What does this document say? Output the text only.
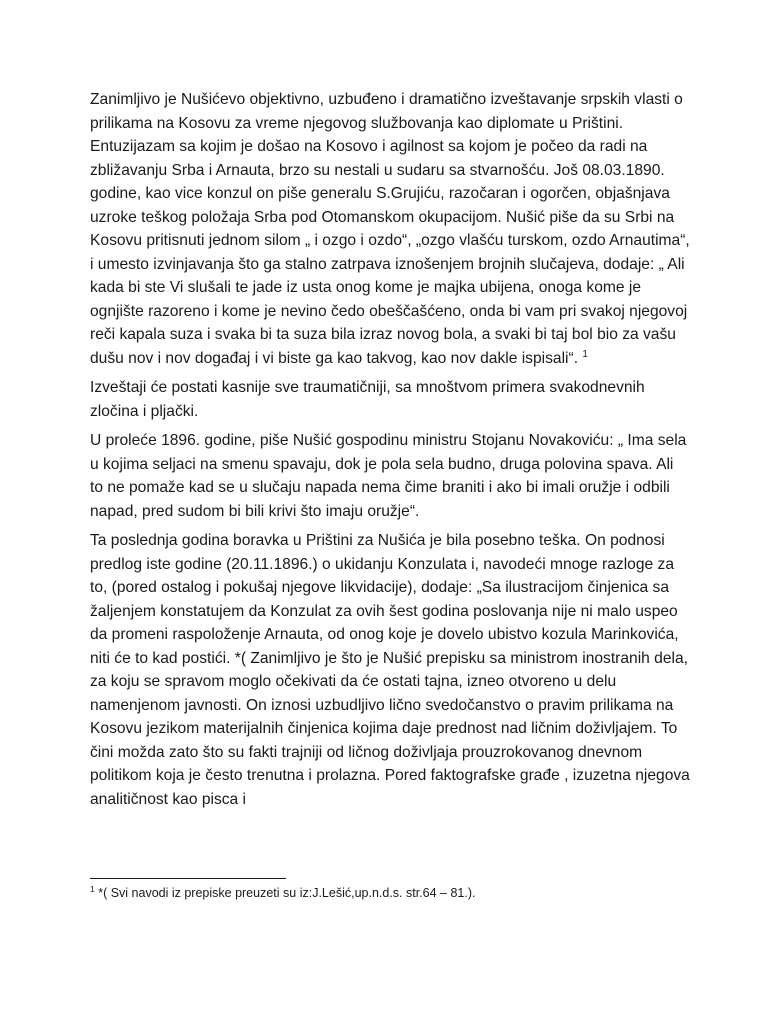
Zanimljivo je Nušićevo objektivno, uzbuđeno i dramatično izveštavanje srpskih vlasti o prilikama na Kosovu za vreme njegovog službovanja kao diplomate u Prištini. Entuzijazam sa kojim je došao na Kosovo i agilnost sa kojom je počeo da radi na zbližavanju Srba i Arnauta, brzo su nestali u sudaru sa stvarnošću. Još 08.03.1890. godine, kao vice konzul on piše generalu S.Grujiću, razočaran i ogorčen, objašnjava uzroke teškog položaja Srba pod Otomanskom okupacijom. Nušić piše da su Srbi na Kosovu pritisnuti jednom silom „ i ozgo i ozdo“, „ozgo vlašću turskom, ozdo Arnautima“, i umesto izvinjavanja što ga stalno zatrpava iznošenjem brojnih slučajeva, dodaje: „ Ali kada bi ste Vi slušali te jade iz usta onog kome je majka ubijena, onoga kome je ognjište razoreno i kome je nevino čedo obeščašćeno, onda bi vam pri svakoj njegovoj reči kapala suza i svaka bi ta suza bila izraz novog bola, a svaki bi taj bol bio za vašu dušu nov i nov događaj i vi biste ga kao takvog, kao nov dakle ispisali“. $^1$

Izveštaji će postati kasnije sve traumatičniji, sa mnoštvom primera svakodnevnih zločina i pljački.

U proleće 1896. godine, piše Nušić gospodinu ministru Stojanu Novakoviću: „ Ima sela u kojima seljaci na smenu spavaju, dok je pola sela budno, druga polovina spava. Ali to ne pomaže kad se u slučaju napada nema čime braniti i ako bi imali oružje i odbili napad, pred sudom bi bili krivi što imaju oružje“.

Ta poslednja godina boravka u Prištini za Nušića je bila posebno teška. On podnosi predlog iste godine (20.11.1896.) o ukidanju Konzulata i, navodeći mnoge razloge za to, (pored ostalog i pokušaj njegove likvidacije), dodaje: „Sa ilustracijom činjenica sa žaljenjem konstatujem da Konzulat za ovih šest godina poslovanja nije ni malo uspeo da promeni raspoloženje Arnauta, od onog koje je dovelo ubistvo kozula Marinkovića, niti će to kad postići. *( Zanimljivo je što je Nušić prepisku sa ministrom inostranih dela, za koju se spravom moglo očekivati da će ostati tajna, izneo otvoreno u delu namenjenom javnosti. On iznosi uzbudljivo lično svedočanstvo o pravim prilikama na Kosovu jezikom materijalnih činjenica kojima daje prednost nad ličnim doživljajem. To čini možda zato što su fakti trajniji od ličnog doživljaja prouzrokovanog dnevnom politikom koja je često trenutna i prolazna. Pored faktografske građe , izuzetna njegova analitičnost kao pisca i

$^1$ *( Svi navodi iz prepiske preuzeti su iz:J.Lešić,up.n.d.s. str.64 – 81.).
